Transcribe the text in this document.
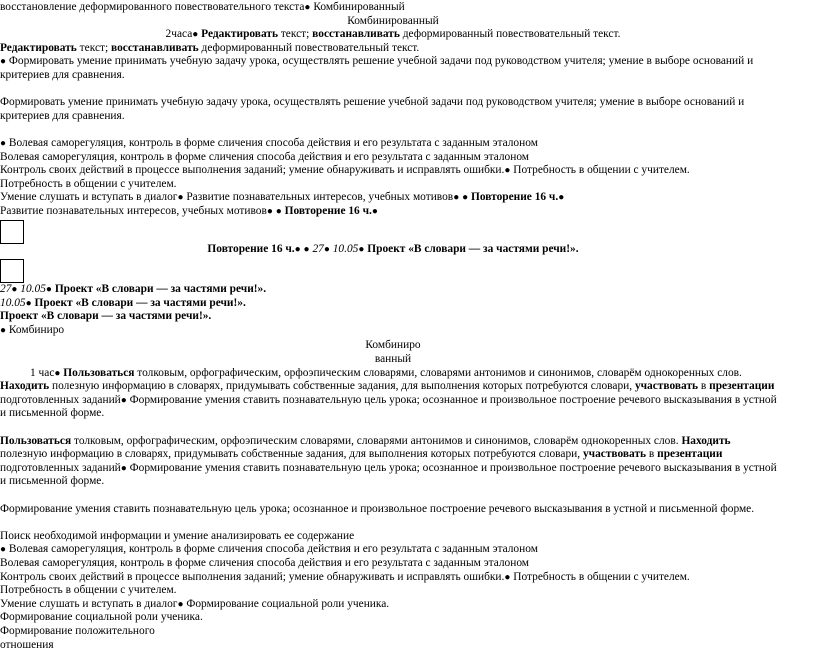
восстановление деформированного повествовательного текста● Комбинированный
Комбинированный
2часа● Редактировать текст; восстанавливать деформированный повествовательный текст.
Редактировать текст; восстанавливать деформированный повествовательный текст.
● Формировать умение принимать учебную задачу урока, осуществлять решение учебной задачи под руководством учителя; умение в выборе оснований и критериев для сравнения.
Формировать умение принимать учебную задачу урока, осуществлять решение учебной задачи под руководством учителя; умение в выборе оснований и критериев для сравнения.
● Волевая саморегуляция, контроль в форме сличения способа действия и его результата с заданным эталоном
Волевая саморегуляция, контроль в форме сличения способа действия и его результата с заданным эталоном
Контроль своих действий в процессе выполнения заданий; умение обнаруживать и исправлять ошибки.● Потребность в общении с учителем.
Потребность в общении с учителем.
Умение слушать и вступать в диалог● Развитие познавательных интересов, учебных мотивов● ● Повторение 16 ч.●
Развитие познавательных интересов, учебных мотивов● ● Повторение 16 ч.●
Повторение 16 ч.● ● 27● 10.05● Проект «В словари — за частями речи!».
27● 10.05● Проект «В словари — за частями речи!».
10.05● Проект «В словари — за частями речи!».
Проект «В словари — за частями речи!».
● Комбиниро
Комбиниро
ванный
1 час● Пользоваться толковым, орфографическим, орфоэпическим словарями, словарями антонимов и синонимов, словарём однокоренных слов. Находить полезную информацию в словарях, придумывать собственные задания, для выполнения которых потребуются словари, участвовать в презентации подготовленных заданий● Формирование умения ставить познавательную цель урока; осознанное и произвольное построение речевого высказывания в устной и письменной форме.
Пользоваться толковым, орфографическим, орфоэпическим словарями, словарями антонимов и синонимов, словарём однокоренных слов. Находить полезную информацию в словарях, придумывать собственные задания, для выполнения которых потребуются словари, участвовать в презентации подготовленных заданий● Формирование умения ставить познавательную цель урока; осознанное и произвольное построение речевого высказывания в устной и письменной форме.
Формирование умения ставить познавательную цель урока; осознанное и произвольное построение речевого высказывания в устной и письменной форме.
Поиск необходимой информации и умение анализировать ее содержание
● Волевая саморегуляция, контроль в форме сличения способа действия и его результата с заданным эталоном
Волевая саморегуляция, контроль в форме сличения способа действия и его результата с заданным эталоном
Контроль своих действий в процессе выполнения заданий; умение обнаруживать и исправлять ошибки.● Потребность в общении с учителем.
Потребность в общении с учителем.
Умение слушать и вступать в диалог● Формирование социальной роли ученика.
Формирование социальной роли ученика.
Формирование положительного
отношения
